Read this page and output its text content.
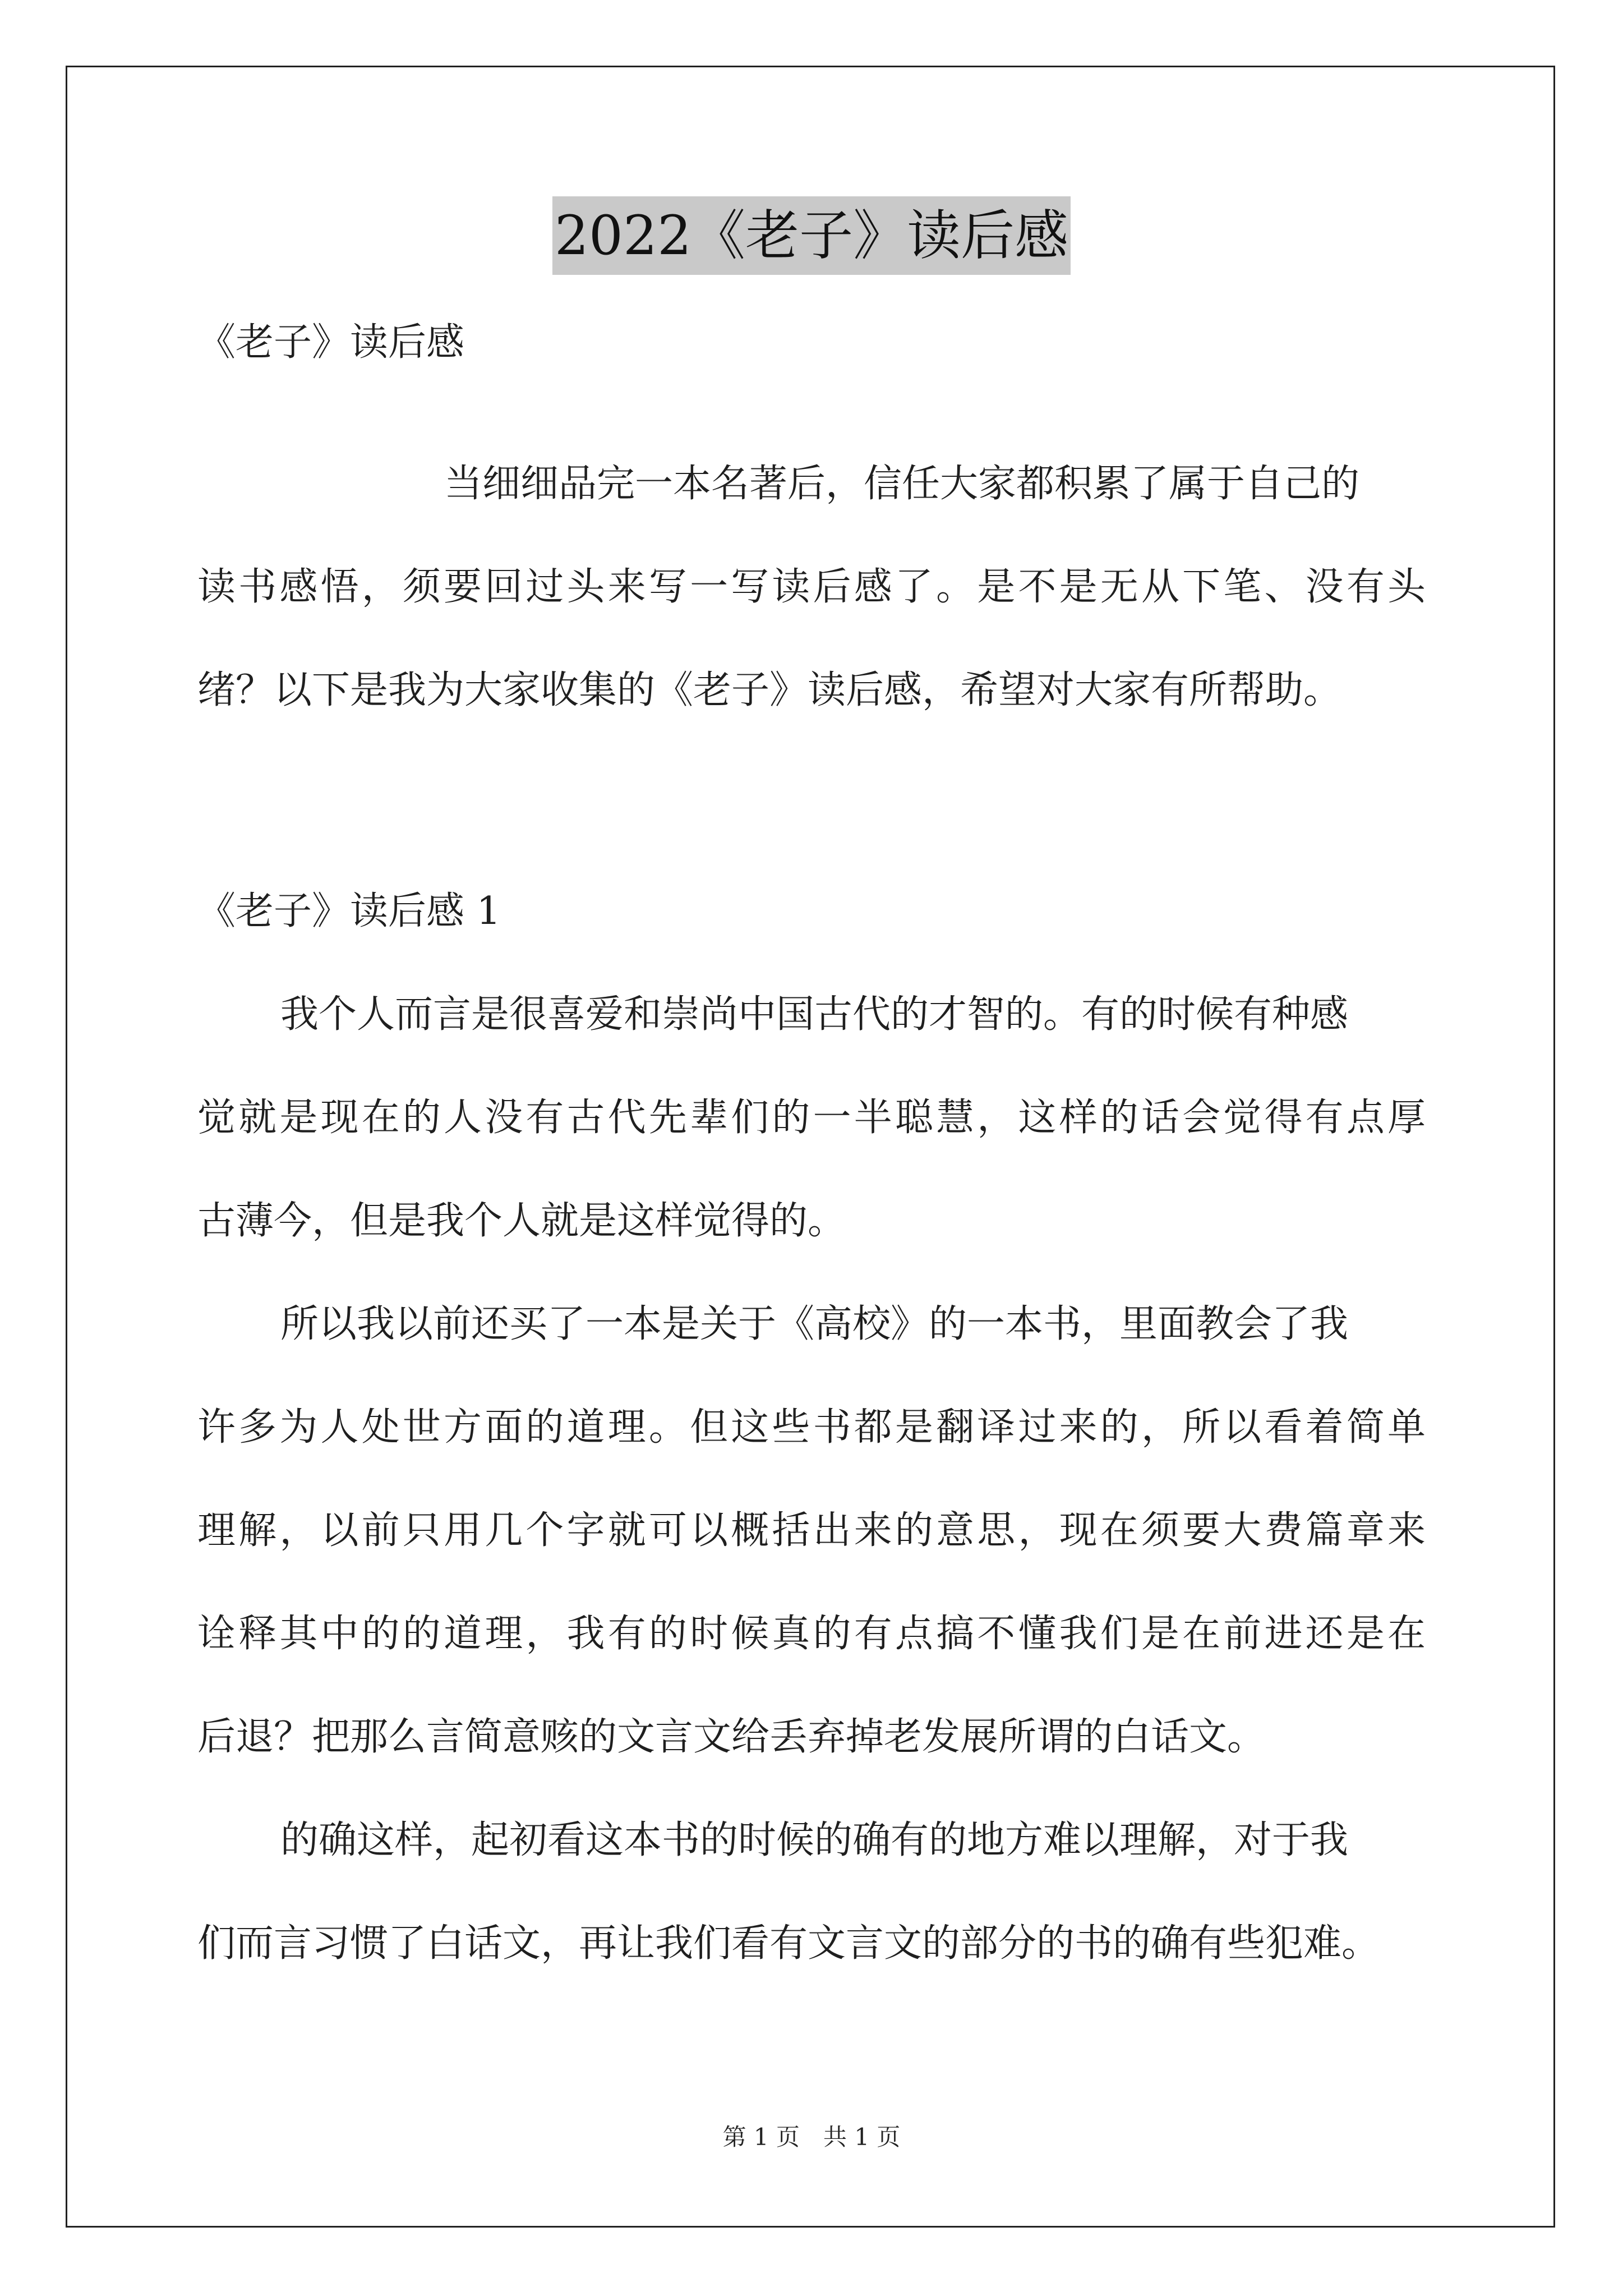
2022《老子》读后感
《老子》读后感
当细细品完一本名著后，信任大家都积累了属于自己的
读书感悟，须要回过头来写一写读后感了。是不是无从下笔、没有头
绪？以下是我为大家收集的《老子》读后感，希望对大家有所帮助。
《老子》读后感 1
我个人而言是很喜爱和崇尚中国古代的才智的。有的时候有种感
觉就是现在的人没有古代先辈们的一半聪慧，这样的话会觉得有点厚
古薄今，但是我个人就是这样觉得的。
所以我以前还买了一本是关于《高校》的一本书，里面教会了我
许多为人处世方面的道理。但这些书都是翻译过来的，所以看着简单
理解，以前只用几个字就可以概括出来的意思，现在须要大费篇章来
诠释其中的的道理，我有的时候真的有点搞不懂我们是在前进还是在
后退？把那么言简意赅的文言文给丢弃掉老发展所谓的白话文。
的确这样，起初看这本书的时候的确有的地方难以理解，对于我
们而言习惯了白话文，再让我们看有文言文的部分的书的确有些犯难。
第 1 页　共 1 页
